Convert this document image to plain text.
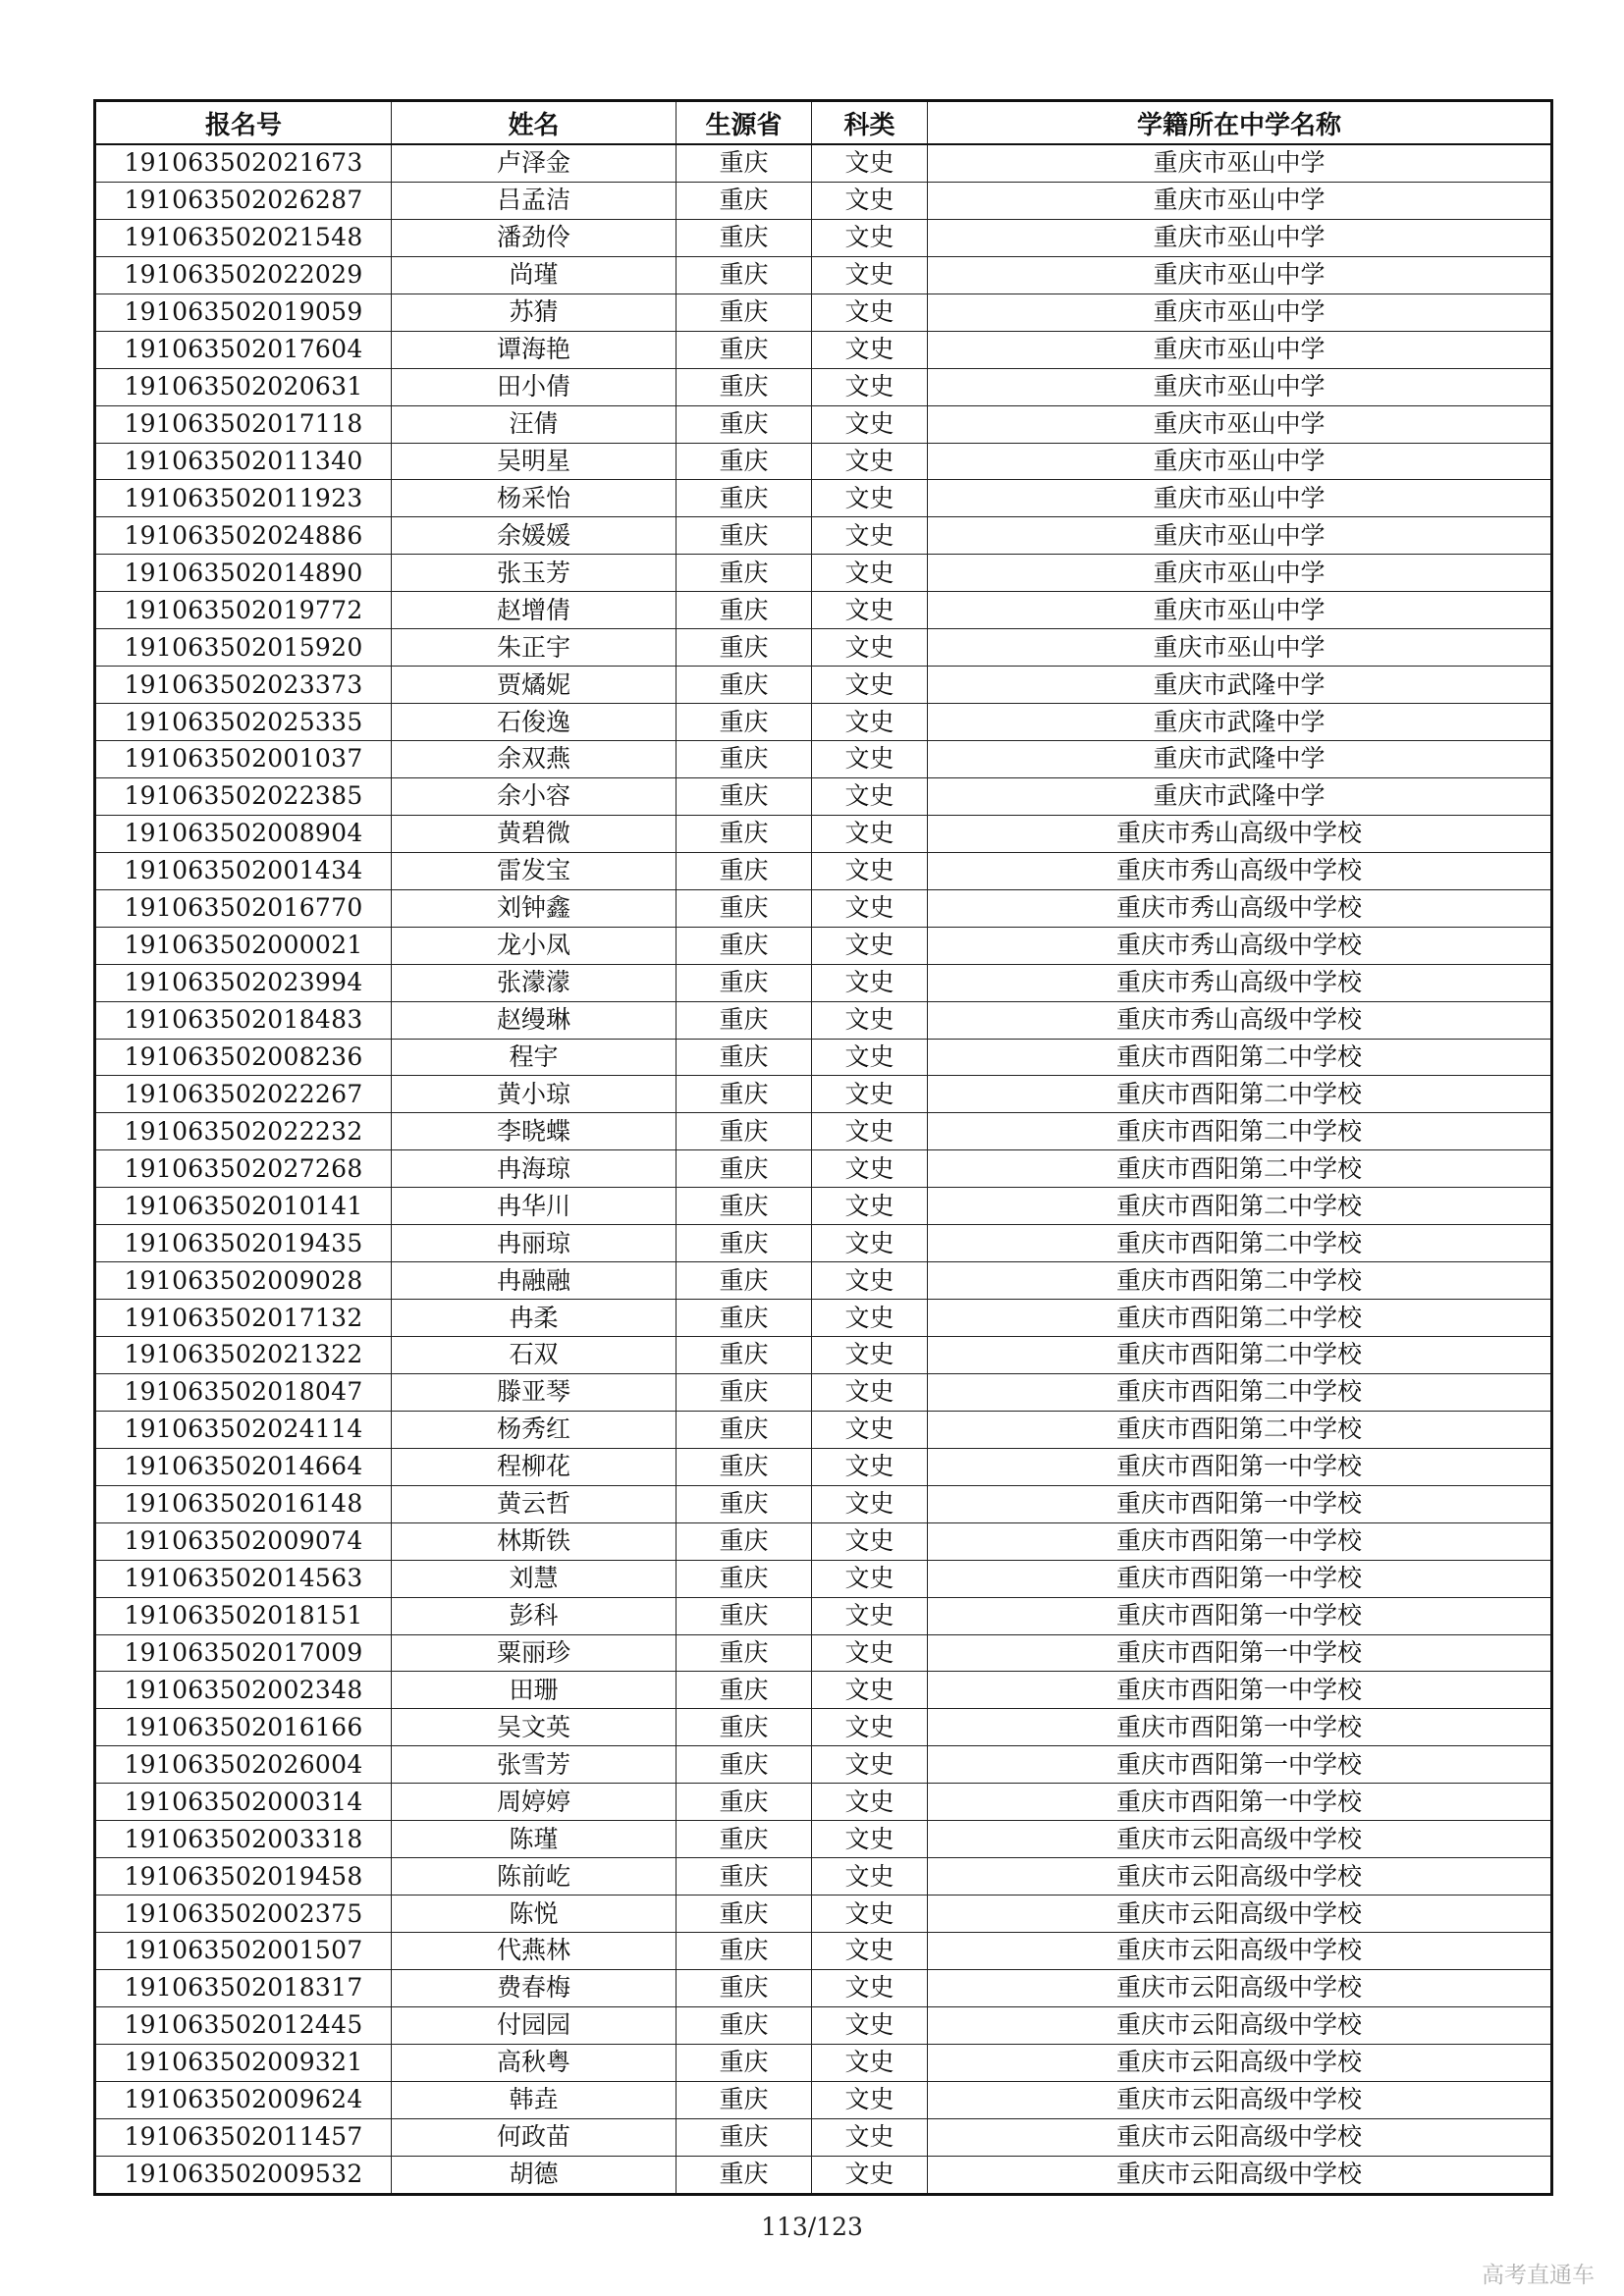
报名号	姓名	生源省	科类	学籍所在中学名称
191063502021673	卢泽金	重庆	文史	重庆市巫山中学
191063502026287	吕孟洁	重庆	文史	重庆市巫山中学
191063502021548	潘劲伶	重庆	文史	重庆市巫山中学
191063502022029	尚瑾	重庆	文史	重庆市巫山中学
191063502019059	苏猜	重庆	文史	重庆市巫山中学
191063502017604	谭海艳	重庆	文史	重庆市巫山中学
191063502020631	田小倩	重庆	文史	重庆市巫山中学
191063502017118	汪倩	重庆	文史	重庆市巫山中学
191063502011340	吴明星	重庆	文史	重庆市巫山中学
191063502011923	杨采怡	重庆	文史	重庆市巫山中学
191063502024886	余媛媛	重庆	文史	重庆市巫山中学
191063502014890	张玉芳	重庆	文史	重庆市巫山中学
191063502019772	赵增倩	重庆	文史	重庆市巫山中学
191063502015920	朱正宇	重庆	文史	重庆市巫山中学
191063502023373	贾燏妮	重庆	文史	重庆市武隆中学
191063502025335	石俊逸	重庆	文史	重庆市武隆中学
191063502001037	余双燕	重庆	文史	重庆市武隆中学
191063502022385	余小容	重庆	文史	重庆市武隆中学
191063502008904	黄碧微	重庆	文史	重庆市秀山高级中学校
191063502001434	雷发宝	重庆	文史	重庆市秀山高级中学校
191063502016770	刘钟鑫	重庆	文史	重庆市秀山高级中学校
191063502000021	龙小凤	重庆	文史	重庆市秀山高级中学校
191063502023994	张濛濛	重庆	文史	重庆市秀山高级中学校
191063502018483	赵缦琳	重庆	文史	重庆市秀山高级中学校
191063502008236	程宇	重庆	文史	重庆市酉阳第二中学校
191063502022267	黄小琼	重庆	文史	重庆市酉阳第二中学校
191063502022232	李晓蝶	重庆	文史	重庆市酉阳第二中学校
191063502027268	冉海琼	重庆	文史	重庆市酉阳第二中学校
191063502010141	冉华川	重庆	文史	重庆市酉阳第二中学校
191063502019435	冉丽琼	重庆	文史	重庆市酉阳第二中学校
191063502009028	冉融融	重庆	文史	重庆市酉阳第二中学校
191063502017132	冉柔	重庆	文史	重庆市酉阳第二中学校
191063502021322	石双	重庆	文史	重庆市酉阳第二中学校
191063502018047	滕亚琴	重庆	文史	重庆市酉阳第二中学校
191063502024114	杨秀红	重庆	文史	重庆市酉阳第二中学校
191063502014664	程柳花	重庆	文史	重庆市酉阳第一中学校
191063502016148	黄云哲	重庆	文史	重庆市酉阳第一中学校
191063502009074	林斯铁	重庆	文史	重庆市酉阳第一中学校
191063502014563	刘慧	重庆	文史	重庆市酉阳第一中学校
191063502018151	彭科	重庆	文史	重庆市酉阳第一中学校
191063502017009	粟丽珍	重庆	文史	重庆市酉阳第一中学校
191063502002348	田珊	重庆	文史	重庆市酉阳第一中学校
191063502016166	吴文英	重庆	文史	重庆市酉阳第一中学校
191063502026004	张雪芳	重庆	文史	重庆市酉阳第一中学校
191063502000314	周婷婷	重庆	文史	重庆市酉阳第一中学校
191063502003318	陈瑾	重庆	文史	重庆市云阳高级中学校
191063502019458	陈前屹	重庆	文史	重庆市云阳高级中学校
191063502002375	陈悦	重庆	文史	重庆市云阳高级中学校
191063502001507	代燕林	重庆	文史	重庆市云阳高级中学校
191063502018317	费春梅	重庆	文史	重庆市云阳高级中学校
191063502012445	付园园	重庆	文史	重庆市云阳高级中学校
191063502009321	高秋粤	重庆	文史	重庆市云阳高级中学校
191063502009624	韩垚	重庆	文史	重庆市云阳高级中学校
191063502011457	何政苗	重庆	文史	重庆市云阳高级中学校
191063502009532	胡德	重庆	文史	重庆市云阳高级中学校
113/123
高考直通车
